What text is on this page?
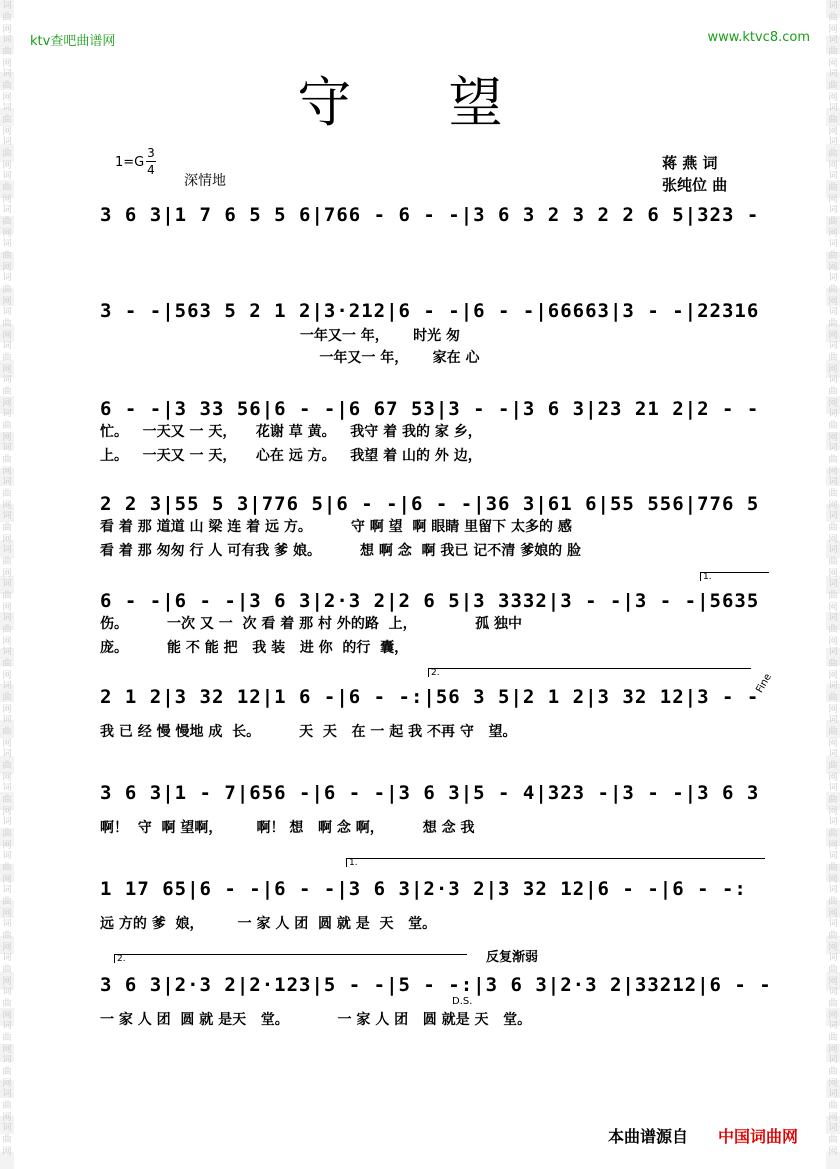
词
曲
网
词
曲
网
词
曲
网
词
曲
网
词
曲
网
词
曲
网
词
曲
网
词
曲
网
词
曲
网
词
曲
网
词
曲
网
词
曲
网
词
曲
网
词
曲
网
词
曲
网
词
曲
网
词
曲
网
词
曲
网
词
曲
网
词
曲
网
词
曲
网
词
曲
网
词
曲
网
词
曲
网
词
曲
网
词
曲
网
词
曲
网
词
曲
网
词
曲
网
词
曲
网
词
曲
网
词
曲
网
词
曲
网
词
曲
网
词
曲
网
词
曲
网
词
曲
网
词
曲
网
词
曲
网
词
曲
网
词
曲
网
词
曲
网
词
曲
网
词
曲
网
词
曲
网
词
曲
网
词
曲
网
词
曲
网
词
曲
网
词
曲
网
词
曲
网
词
曲
网
词
曲
网
词
曲
网
词
曲
网
词
曲
网
词
曲
网
词
曲
网
词
曲
网
词
曲
网
词
曲
网
词
曲
网
词
曲
网
词
曲
网
词
曲
网
词
曲
网
词
曲
网
词
曲
网
ktv查吧曲谱网	www.ktvc8.com
守 望
1=G
3
4
深情地
蒋 燕 词
张纯位 曲
3 6 3|1 7 6 5 5 6|766 - 6 - -|3 6 3 2 3 2 2 6 5|323 -
3 - -|563 5 2 1 2|3·212|6 - -|6 - -|66663|3 - -|22316
一年又一 年，     时光 匆
一年又一 年，     家在 心
6 - -|3 33 56|6 - -|6 67 53|3 - -|3 6 3|23 21 2|2 - -
忙。   一天又 一 天，    花谢 草 黄。   我守 着 我的 家 乡，
上。   一天又 一 天，    心在 远 方。   我望 着 山的 外 边，
2 2 3|55 5 3|776 5|6 - -|6 - -|36 3|61 6|55 556|776 5
看 着 那 道道 山 梁 连 着 远 方。        守 啊 望  啊 眼睛 里留下 太多的 感
看 着 那 匆匆 行 人 可有我 爹 娘。        想 啊 念  啊 我已 记不清 爹娘的 脸
1.
6 - -|6 - -|3 6 3|2·3 2|2 6 5|3 3332|3 - -|3 - -|5635
伤。        一次 又 一  次 看 着 那 村 外的路  上，            孤 独中
庞。        能 不 能 把   我 装   进 你  的行  囊，
2.	Fine
2 1 2|3 32 12|1 6 -|6 - -:|56 3 5|2 1 2|3 32 12|3 - -
我 已 经 慢 慢地 成  长。        天  天   在 一 起 我 不再 守   望。
3 6 3|1 - 7|656 -|6 - -|3 6 3|5 - 4|323 -|3 - -|3 6 3
啊！  守  啊 望啊，       啊！ 想   啊 念 啊，        想 念 我
1.
1 17 65|6 - -|6 - -|3 6 3|2·3 2|3 32 12|6 - -|6 - -:
远 方的 爹  娘，       一 家 人 团  圆 就 是  天   堂。
2.	反复渐弱
D.S.
3 6 3|2·3 2|2·123|5 - -|5 - -:|3 6 3|2·3 2|33212|6 - -
一 家 人 团  圆 就 是天   堂。          一 家 人 团   圆 就是 天   堂。
本曲谱源自 中国词曲网
